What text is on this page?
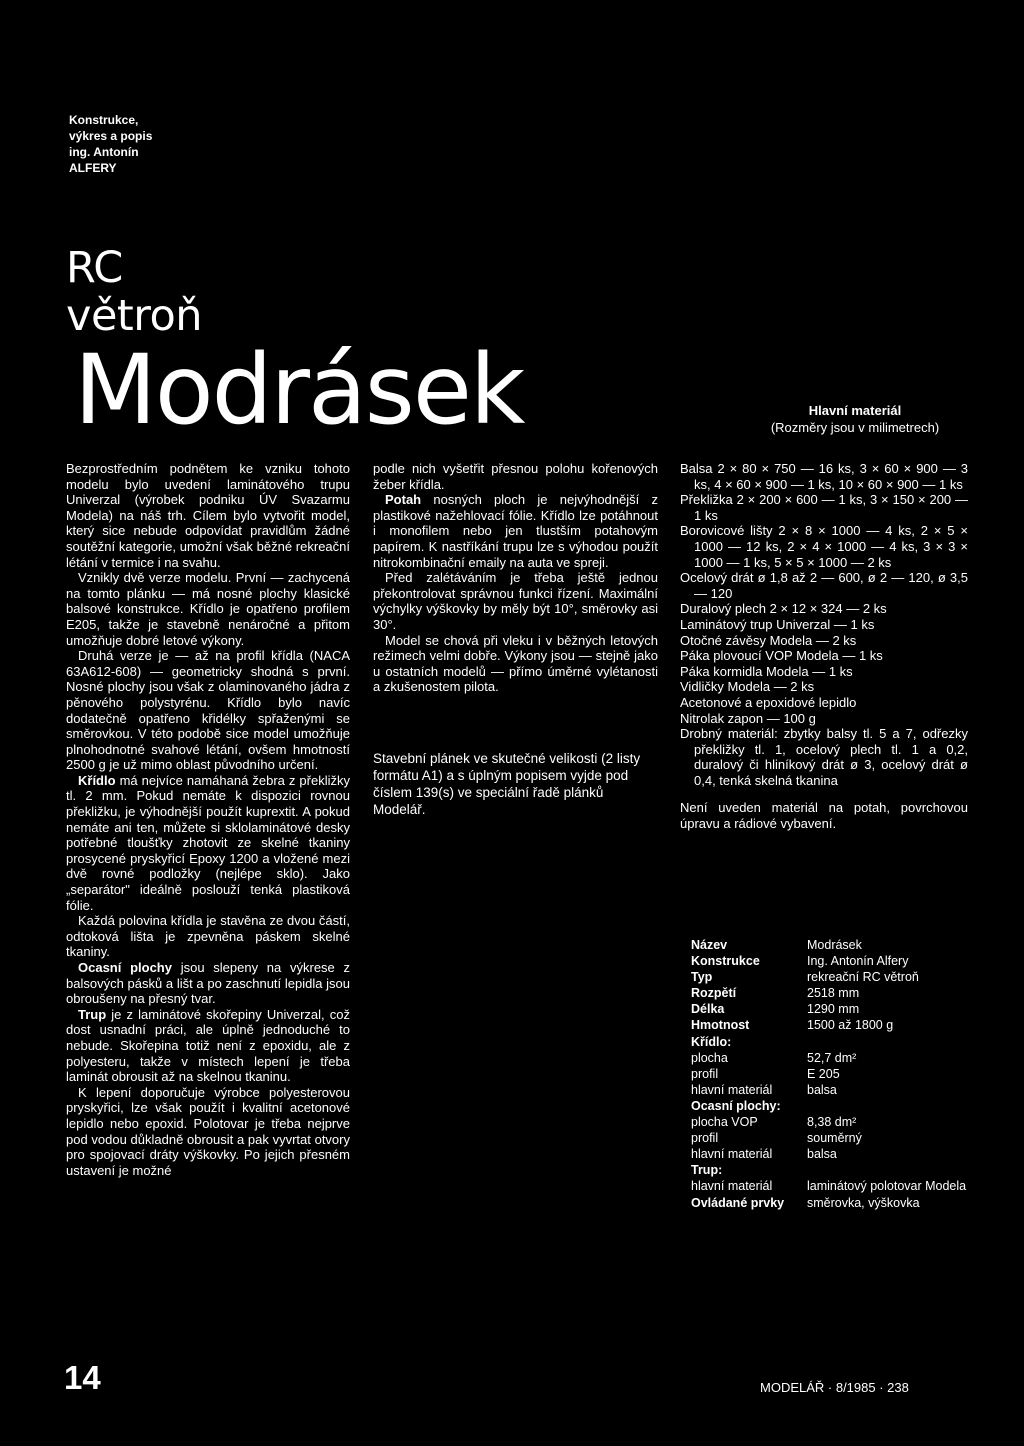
Konstrukce,
výkres a popis
ing. Antonín
ALFERY
RC
větroň
Modrásek	Hlavní materiál
(Rozměry jsou v milimetrech)

Bezprostředním podnětem ke vzniku tohoto modelu bylo uvedení laminátového trupu Univerzal (výrobek podniku ÚV Svazarmu Modela) na náš trh. Cílem bylo vytvořit model, který sice nebude odpovídat pravidlům žádné soutěžní kategorie, umožní však běžné rekreační létání v termice i na svahu.

Vznikly dvě verze modelu. První — zachycená na tomto plánku — má nosné plochy klasické balsové konstrukce. Křídlo je opatřeno profilem E205, takže je stavebně nenáročné a přitom umožňuje dobré letové výkony.

Druhá verze je — až na profil křídla (NACA 63A612-608) — geometricky shodná s první. Nosné plochy jsou však z olaminovaného jádra z pěnového polystyrénu. Křídlo bylo navíc dodatečně opatřeno křidélky spřaženými se směrovkou. V této podobě sice model umožňuje plnohodnotné svahové létání, ovšem hmotností 2500 g je už mimo oblast původního určení.

Křídlo má nejvíce namáhaná žebra z překližky tl. 2 mm. Pokud nemáte k dispozici rovnou překližku, je výhodnější použít kuprextit. A pokud nemáte ani ten, můžete si sklolaminátové desky potřebné tloušťky zhotovit ze skelné tkaniny prosycené pryskyřicí Epoxy 1200 a vložené mezi dvě rovné podložky (nejlépe sklo). Jako „separátor" ideálně poslouží tenká plastiková fólie.

Každá polovina křídla je stavěna ze dvou částí, odtoková lišta je zpevněna páskem skelné tkaniny.

Ocasní plochy jsou slepeny na výkrese z balsových pásků a lišt a po zaschnutí lepidla jsou obroušeny na přesný tvar.

Trup je z laminátové skořepiny Univerzal, což dost usnadní práci, ale úplně jednoduché to nebude. Skořepina totiž není z epoxidu, ale z polyesteru, takže v místech lepení je třeba laminát obrousit až na skelnou tkaninu.

K lepení doporučuje výrobce polyesterovou pryskyřici, lze však použít i kvalitní acetonové lepidlo nebo epoxid. Polotovar je třeba nejprve pod vodou důkladně obrousit a pak vyvrtat otvory pro spojovací dráty výškovky. Po jejich přesném ustavení je možné

podle nich vyšetřit přesnou polohu kořenových žeber křídla.

Potah nosných ploch je nejvýhodnější z plastikové nažehlovací fólie. Křídlo lze potáhnout i monofilem nebo jen tlustším potahovým papírem. K nastříkání trupu lze s výhodou použít nitrokombinační emaily na auta ve spreji.

Před zalétáváním je třeba ještě jednou překontrolovat správnou funkci řízení. Maximální výchylky výškovky by měly být 10°, směrovky asi 30°.

Model se chová při vleku i v běžných letových režimech velmi dobře. Výkony jsou — stejně jako u ostatních modelů — přímo úměrné vylétanosti a zkušenostem pilota.

Stavební plánek ve skutečné velikosti (2 listy formátu A1) a s úplným popisem vyjde pod číslem 139(s) ve speciální řadě plánků Modelář.

Balsa 2 × 80 × 750 — 16 ks, 3 × 60 × 900 — 3 ks, 4 × 60 × 900 — 1 ks, 10 × 60 × 900 — 1 ks

Překližka 2 × 200 × 600 — 1 ks, 3 × 150 × 200 — 1 ks

Borovicové lišty 2 × 8 × 1000 — 4 ks, 2 × 5 × 1000 — 12 ks, 2 × 4 × 1000 — 4 ks, 3 × 3 × 1000 — 1 ks, 5 × 5 × 1000 — 2 ks

Ocelový drát ø 1,8 až 2 — 600, ø 2 — 120, ø 3,5 — 120

Duralový plech 2 × 12 × 324 — 2 ks

Laminátový trup Univerzal — 1 ks

Otočné závěsy Modela — 2 ks

Páka plovoucí VOP Modela — 1 ks

Páka kormidla Modela — 1 ks

Vidličky Modela — 2 ks

Acetonové a epoxidové lepidlo

Nitrolak zapon — 100 g

Drobný materiál: zbytky balsy tl. 5 a 7, odřezky překližky tl. 1, ocelový plech tl. 1 a 0,2, duralový či hliníkový drát ø 3, ocelový drát ø 0,4, tenká skelná tkanina

Není uveden materiál na potah, povrchovou úpravu a rádiové vybavení.

Název	Modrásek
Konstrukce	Ing. Antonín Alfery
Typ	rekreační RC větroň
Rozpětí	2518 mm
Délka	1290 mm
Hmotnost	1500 až 1800 g
Křídlo:	
plocha	52,7 dm²
profil	E 205
hlavní materiál	balsa
Ocasní plochy:	
plocha VOP	8,38 dm²
profil	souměrný
hlavní materiál	balsa
Trup:	
hlavní materiál	laminátový polotovar Modela
Ovládané prvky	směrovka, výškovka
14	MODELÁŘ · 8/1985 · 238
